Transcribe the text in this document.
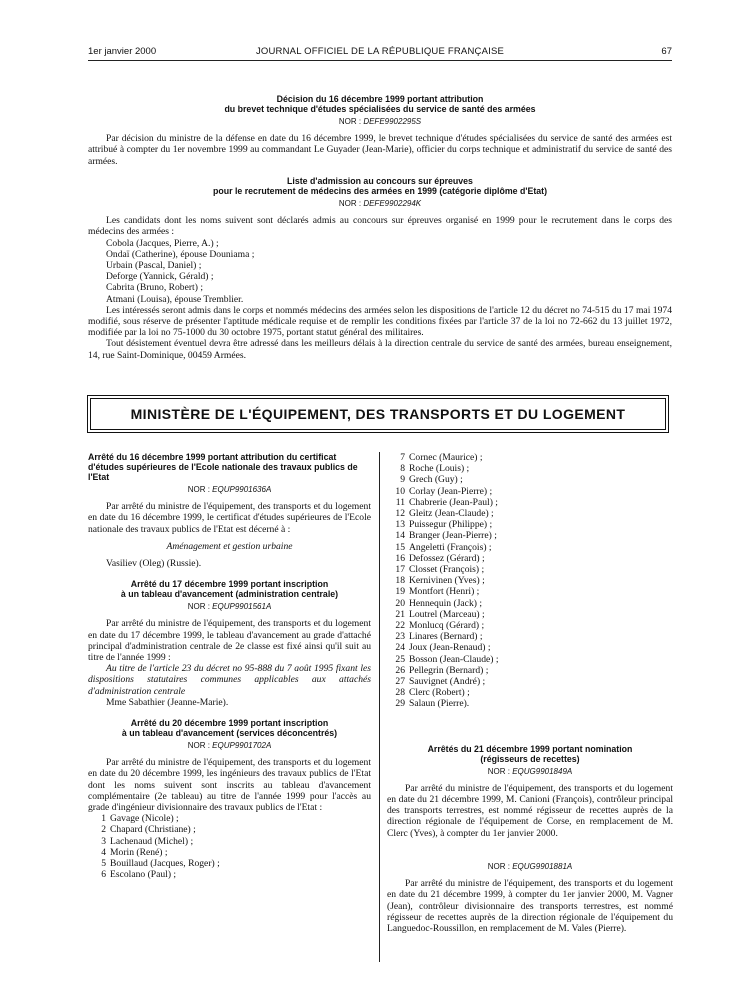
1er janvier 2000	JOURNAL OFFICIEL DE LA RÉPUBLIQUE FRANÇAISE	67
Décision du 16 décembre 1999 portant attribution
du brevet technique d'études spécialisées du service de santé des armées
NOR : DEFE9902295S

Par décision du ministre de la défense en date du 16 décembre 1999, le brevet technique d'études spécialisées du service de santé des armées est attribué à compter du 1er novembre 1999 au commandant Le Guyader (Jean-Marie), officier du corps technique et administratif du service de santé des armées.

Liste d'admission au concours sur épreuves
pour le recrutement de médecins des armées en 1999 (catégorie diplôme d'Etat)
NOR : DEFE9902294K

Les candidats dont les noms suivent sont déclarés admis au concours sur épreuves organisé en 1999 pour le recrutement dans le corps des médecins des armées :

Cobola (Jacques, Pierre, A.) ;

Ondaï (Catherine), épouse Douniama ;

Urbain (Pascal, Daniel) ;

Deforge (Yannick, Gérald) ;

Cabrita (Bruno, Robert) ;

Atmani (Louisa), épouse Tremblier.

Les intéressés seront admis dans le corps et nommés médecins des armées selon les dispositions de l'article 12 du décret no 74-515 du 17 mai 1974 modifié, sous réserve de présenter l'aptitude médicale requise et de remplir les conditions fixées par l'article 37 de la loi no 72-662 du 13 juillet 1972, modifiée par la loi no 75-1000 du 30 octobre 1975, portant statut général des militaires.

Tout désistement éventuel devra être adressé dans les meilleurs délais à la direction centrale du service de santé des armées, bureau enseignement, 14, rue Saint-Dominique, 00459 Armées.

MINISTÈRE DE L'ÉQUIPEMENT, DES TRANSPORTS ET DU LOGEMENT
Arrêté du 16 décembre 1999 portant attribution du certificat d'études supérieures de l'Ecole nationale des travaux publics de l'Etat
NOR : EQUP9901636A

Par arrêté du ministre de l'équipement, des transports et du logement en date du 16 décembre 1999, le certificat d'études supérieures de l'Ecole nationale des travaux publics de l'Etat est décerné à :

Aménagement et gestion urbaine

Vasiliev (Oleg) (Russie).

Arrêté du 17 décembre 1999 portant inscription
à un tableau d'avancement (administration centrale)
NOR : EQUP9901561A

Par arrêté du ministre de l'équipement, des transports et du logement en date du 17 décembre 1999, le tableau d'avancement au grade d'attaché principal d'administration centrale de 2e classe est fixé ainsi qu'il suit au titre de l'année 1999 :

Au titre de l'article 23 du décret no 95-888 du 7 août 1995 fixant les dispositions statutaires communes applicables aux attachés d'administration centrale

Mme Sabathier (Jeanne-Marie).

Arrêté du 20 décembre 1999 portant inscription
à un tableau d'avancement (services déconcentrés)
NOR : EQUP9901702A

Par arrêté du ministre de l'équipement, des transports et du logement en date du 20 décembre 1999, les ingénieurs des travaux publics de l'Etat dont les noms suivent sont inscrits au tableau d'avancement complémentaire (2e tableau) au titre de l'année 1999 pour l'accès au grade d'ingénieur divisionnaire des travaux publics de l'Etat :

1 Gavage (Nicole) ;
2 Chapard (Christiane) ;
3 Lachenaud (Michel) ;
4 Morin (René) ;
5 Bouillaud (Jacques, Roger) ;
6 Escolano (Paul) ;
7 Cornec (Maurice) ;
8 Roche (Louis) ;
9 Grech (Guy) ;
10 Corlay (Jean-Pierre) ;
11 Chabrerie (Jean-Paul) ;
12 Gleitz (Jean-Claude) ;
13 Puissegur (Philippe) ;
14 Branger (Jean-Pierre) ;
15 Angeletti (François) ;
16 Defossez (Gérard) ;
17 Closset (François) ;
18 Kernivinen (Yves) ;
19 Montfort (Henri) ;
20 Hennequin (Jack) ;
21 Loutrel (Marceau) ;
22 Monlucq (Gérard) ;
23 Linares (Bernard) ;
24 Joux (Jean-Renaud) ;
25 Bosson (Jean-Claude) ;
26 Pellegrin (Bernard) ;
27 Sauvignet (André) ;
28 Clerc (Robert) ;
29 Salaun (Pierre).
Arrêtés du 21 décembre 1999 portant nomination
(régisseurs de recettes)
NOR : EQUG9901849A

Par arrêté du ministre de l'équipement, des transports et du logement en date du 21 décembre 1999, M. Canioni (François), contrôleur principal des transports terrestres, est nommé régisseur de recettes auprès de la direction régionale de l'équipement de Corse, en remplacement de M. Clerc (Yves), à compter du 1er janvier 2000.

NOR : EQUG9901881A

Par arrêté du ministre de l'équipement, des transports et du logement en date du 21 décembre 1999, à compter du 1er janvier 2000, M. Vagner (Jean), contrôleur divisionnaire des transports terrestres, est nommé régisseur de recettes auprès de la direction régionale de l'équipement du Languedoc-Roussillon, en remplacement de M. Vales (Pierre).
